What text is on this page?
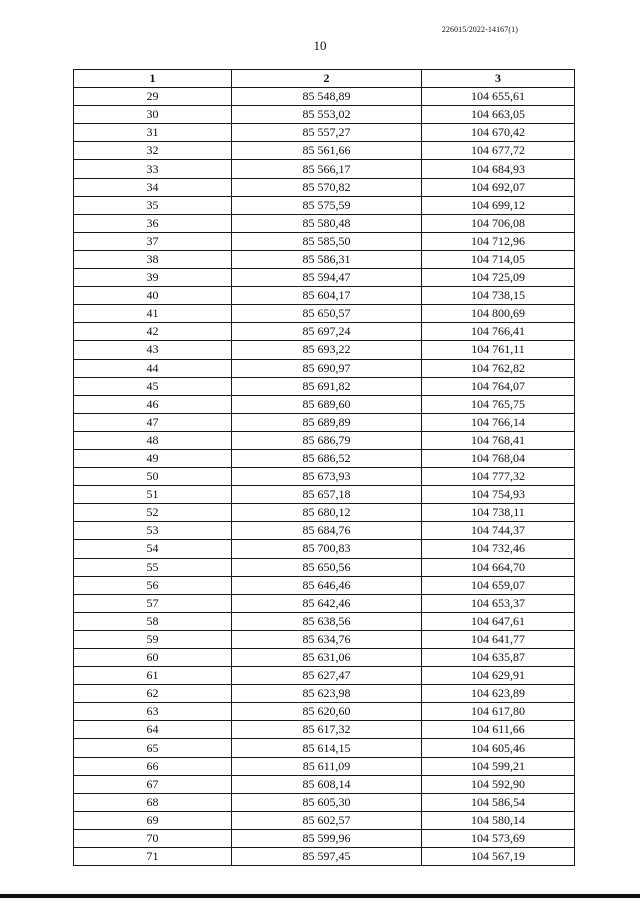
226015/2022-14167(1)
10
1	2	3
29	85 548,89	104 655,61
30	85 553,02	104 663,05
31	85 557,27	104 670,42
32	85 561,66	104 677,72
33	85 566,17	104 684,93
34	85 570,82	104 692,07
35	85 575,59	104 699,12
36	85 580,48	104 706,08
37	85 585,50	104 712,96
38	85 586,31	104 714,05
39	85 594,47	104 725,09
40	85 604,17	104 738,15
41	85 650,57	104 800,69
42	85 697,24	104 766,41
43	85 693,22	104 761,11
44	85 690,97	104 762,82
45	85 691,82	104 764,07
46	85 689,60	104 765,75
47	85 689,89	104 766,14
48	85 686,79	104 768,41
49	85 686,52	104 768,04
50	85 673,93	104 777,32
51	85 657,18	104 754,93
52	85 680,12	104 738,11
53	85 684,76	104 744,37
54	85 700,83	104 732,46
55	85 650,56	104 664,70
56	85 646,46	104 659,07
57	85 642,46	104 653,37
58	85 638,56	104 647,61
59	85 634,76	104 641,77
60	85 631,06	104 635,87
61	85 627,47	104 629,91
62	85 623,98	104 623,89
63	85 620,60	104 617,80
64	85 617,32	104 611,66
65	85 614,15	104 605,46
66	85 611,09	104 599,21
67	85 608,14	104 592,90
68	85 605,30	104 586,54
69	85 602,57	104 580,14
70	85 599,96	104 573,69
71	85 597,45	104 567,19
